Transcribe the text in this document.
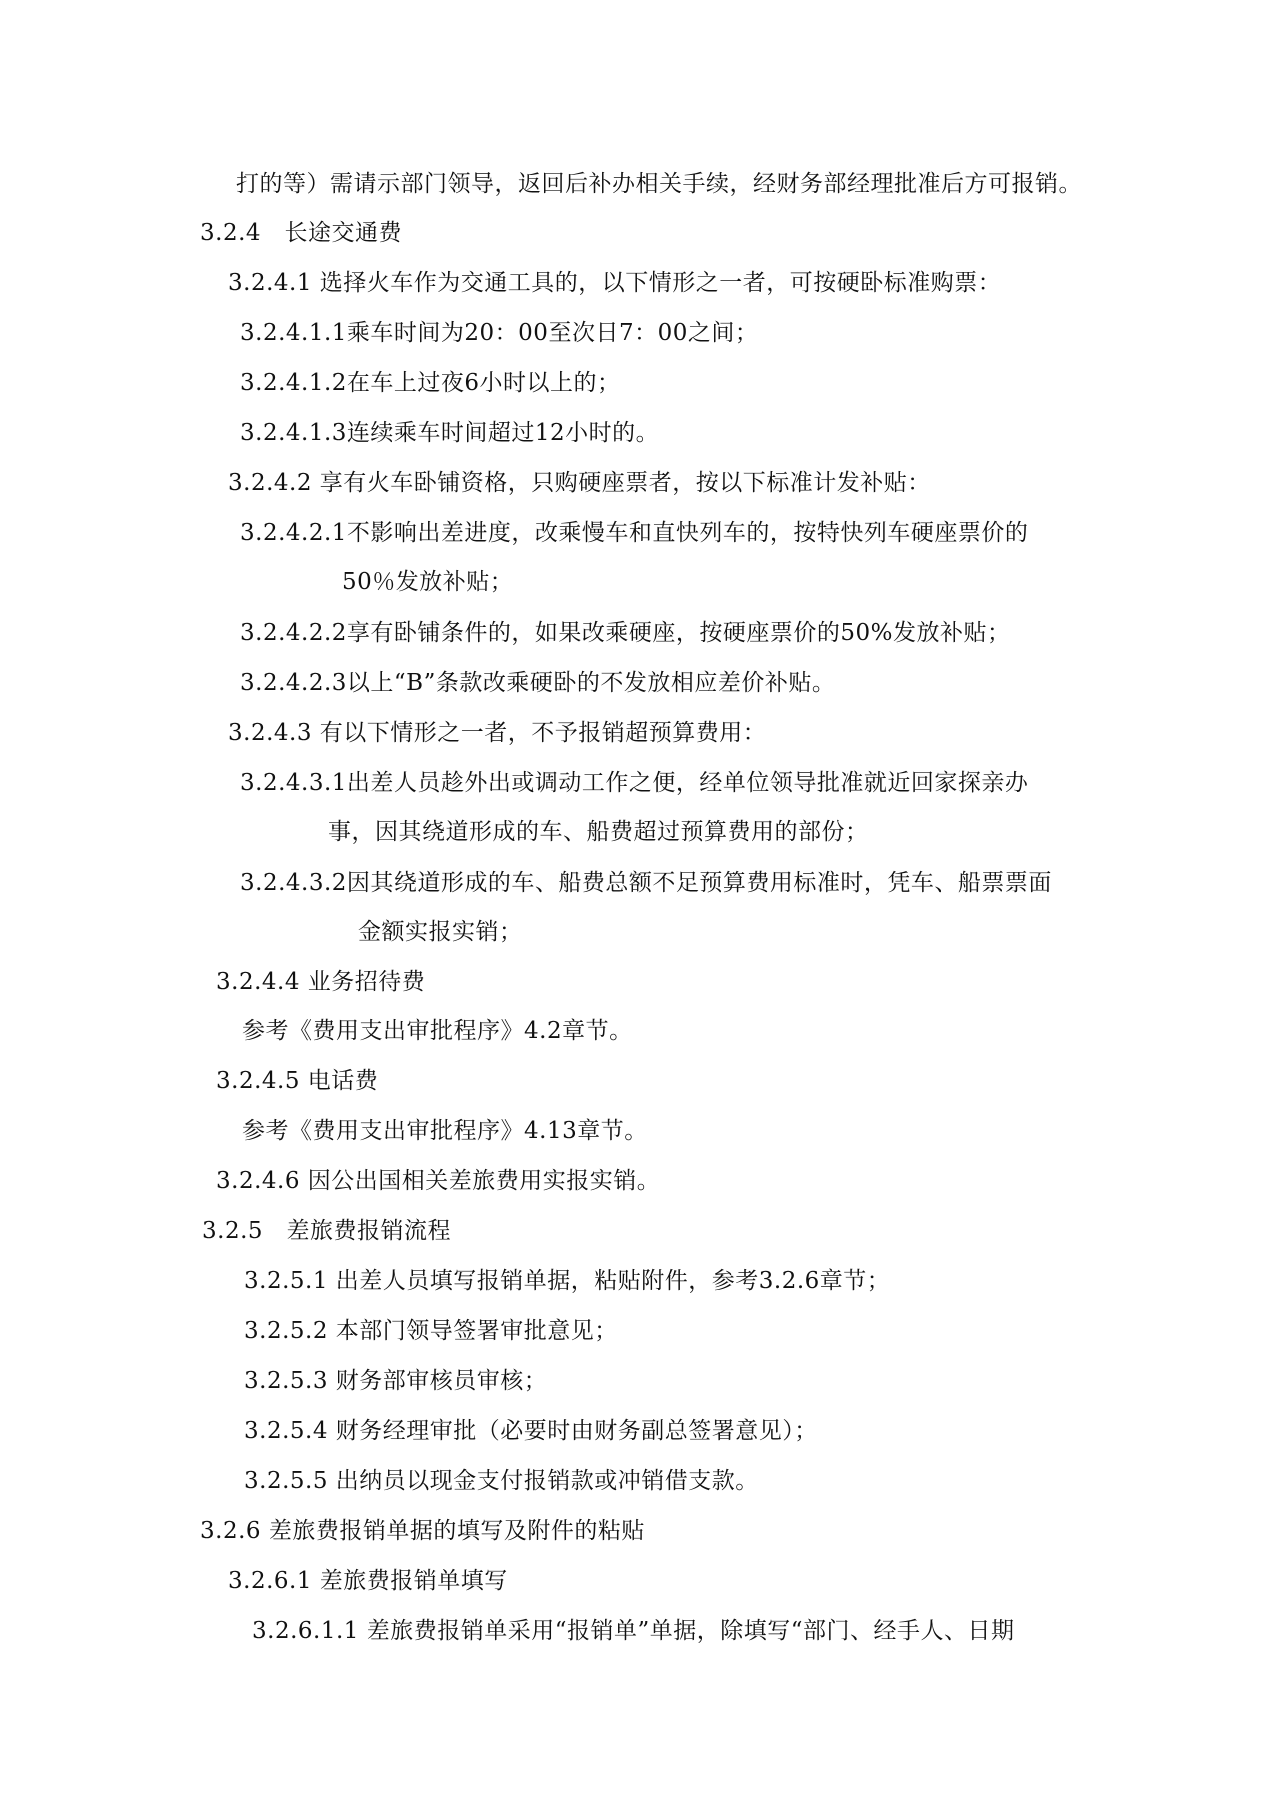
打的等）需请示部门领导，返回后补办相关手续，经财务部经理批准后方可报销。
3.2.4　长途交通费
3.2.4.1 选择火车作为交通工具的，以下情形之一者，可按硬卧标准购票：
3.2.4.1.1乘车时间为20：00至次日7：00之间；
3.2.4.1.2在车上过夜6小时以上的；
3.2.4.1.3连续乘车时间超过12小时的。
3.2.4.2 享有火车卧铺资格，只购硬座票者，按以下标准计发补贴：
3.2.4.2.1不影响出差进度，改乘慢车和直快列车的，按特快列车硬座票价的
50％发放补贴；
3.2.4.2.2享有卧铺条件的，如果改乘硬座，按硬座票价的50%发放补贴；
3.2.4.2.3以上“B”条款改乘硬卧的不发放相应差价补贴。
3.2.4.3 有以下情形之一者，不予报销超预算费用：
3.2.4.3.1出差人员趁外出或调动工作之便，经单位领导批准就近回家探亲办
事，因其绕道形成的车、船费超过预算费用的部份；
3.2.4.3.2因其绕道形成的车、船费总额不足预算费用标准时，凭车、船票票面
金额实报实销；
3.2.4.4 业务招待费
参考《费用支出审批程序》4.2章节。
3.2.4.5 电话费
参考《费用支出审批程序》4.13章节。
3.2.4.6 因公出国相关差旅费用实报实销。
3.2.5　差旅费报销流程
3.2.5.1 出差人员填写报销单据，粘贴附件，参考3.2.6章节；
3.2.5.2 本部门领导签署审批意见；
3.2.5.3 财务部审核员审核；
3.2.5.4 财务经理审批（必要时由财务副总签署意见）；
3.2.5.5 出纳员以现金支付报销款或冲销借支款。
3.2.6 差旅费报销单据的填写及附件的粘贴
3.2.6.1 差旅费报销单填写
3.2.6.1.1 差旅费报销单采用“报销单”单据，除填写“部门、经手人、日期
